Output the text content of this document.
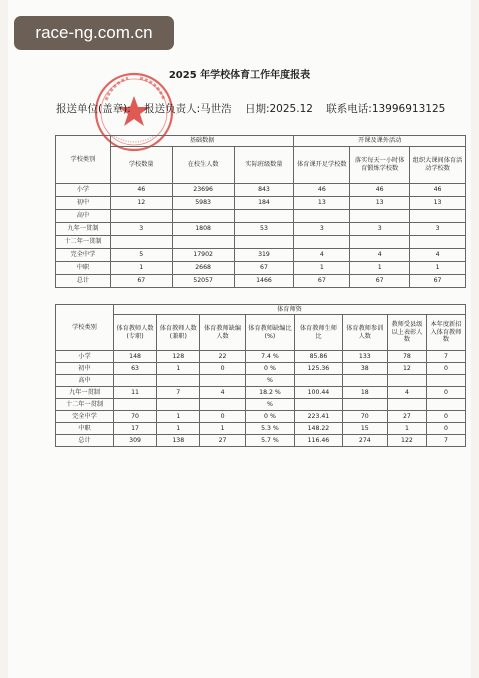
race-ng.com.cn
2025 年学校体育工作年度报表
报送单位(盖章): 报送负责人:马世浩 日期:2025.12 联系电话:13996913125
学校类别	基础数据			开课及课外活动		
	学校数量	在校生人数	实际班级数量	体育课开足学校数	落实每天一小时体育锻炼学校数	组织大课间体育活动学校数
小学	46	23696	843	46	46	46
初中	12	5983	184	13	13	13
高中						
九年一贯制	3	1808	53	3	3	3
十二年一贯制						
完全中学	5	17902	319	4	4	4
中职	1	2668	67	1	1	1
总计	67	52057	1466	67	67	67
学校类别	体育师资							
	体育教师人数(专职)	体育教师人数(兼职)	体育教师缺编人数	体育教师缺编比 (%)	体育教师生师比	体育教师参训人数	教师受县级以上表彰人数	本年度新招入体育教师数
小学	148	128	22	7.4 %	85.86	133	78	7
初中	63	1	0	0 %	125.36	38	12	0
高中				%				
九年一贯制	11	7	4	18.2 %	100.44	18	4	0
十二年一贯制				%				
完全中学	70	1	0	0 %	223.41	70	27	0
中职	17	1	1	5.3 %	148.22	15	1	0
总计	309	138	27	5.7 %	116.46	274	122	7
